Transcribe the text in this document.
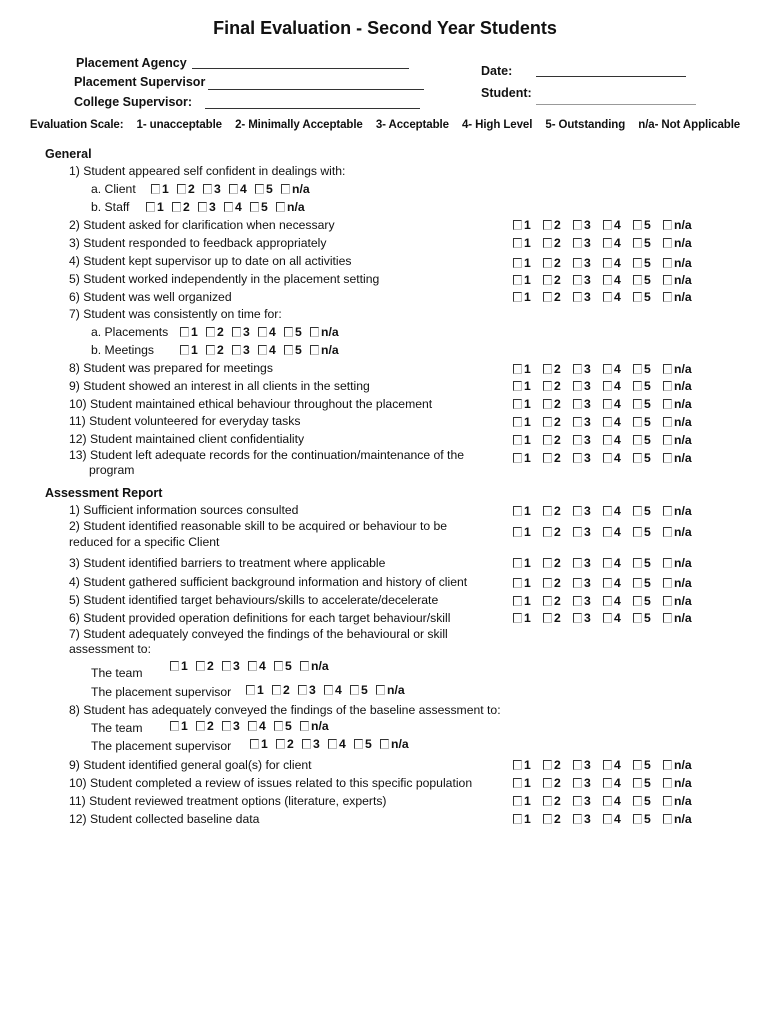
Final Evaluation - Second Year Students
Placement Agency
Placement Supervisor
College Supervisor:
Date:
Student:
Evaluation Scale: 1- unacceptable 2- Minimally Acceptable 3- Acceptable 4- High Level 5- Outstanding n/a- Not Applicable
General
1) Student appeared self confident in dealings with:
a. Client
b. Staff
2) Student asked for clarification when necessary
3) Student responded to feedback appropriately
4) Student kept supervisor up to date on all activities
5) Student worked independently in the placement setting
6) Student was well organized
7) Student was consistently on time for:
a. Placements
b. Meetings
8) Student was prepared for meetings
9) Student showed an interest in all clients in the setting
10) Student maintained ethical behaviour throughout the placement
11) Student volunteered for everyday tasks
12) Student maintained client confidentiality
13) Student left adequate records for the continuation/maintenance of the
program
Assessment Report
1) Sufficient information sources consulted
2) Student identified reasonable skill to be acquired or behaviour to be
reduced for a specific Client
3) Student identified barriers to treatment where applicable
4) Student gathered sufficient background information and history of client
5) Student identified target behaviours/skills to accelerate/decelerate
6) Student provided operation definitions for each target behaviour/skill
7) Student adequately conveyed the findings of the behavioural or skill
assessment to:
The team
The placement supervisor
8) Student has adequately conveyed the findings of the baseline assessment to:
The team
The placement supervisor
9) Student identified general goal(s) for client
10) Student completed a review of issues related to this specific population
11) Student reviewed treatment options (literature, experts)
12) Student collected baseline data
1 2 3 4 5 n/a
1 2 3 4 5 n/a
1 2 3 4 5 n/a
1 2 3 4 5 n/a
1 2 3 4 5 n/a
1 2 3 4 5 n/a
1 2 3 4 5 n/a
1 2 3 4 5 n/a
1 2 3 4 5 n/a
1 2 3 4 5 n/a
1 2 3 4 5 n/a
1 2 3 4 5 n/a
1 2 3 4 5 n/a
1 2 3 4 5 n/a
1 2 3 4 5 n/a
1 2 3 4 5 n/a
1 2 3 4 5 n/a
1 2 3 4 5 n/a
1 2 3 4 5 n/a
1 2 3 4 5 n/a
1 2 3 4 5 n/a
1 2 3 4 5 n/a
1 2 3 4 5 n/a
1 2 3 4 5 n/a
1 2 3 4 5 n/a
1 2 3 4 5 n/a
1 2 3 4 5 n/a
1 2 3 4 5 n/a
1 2 3 4 5 n/a
